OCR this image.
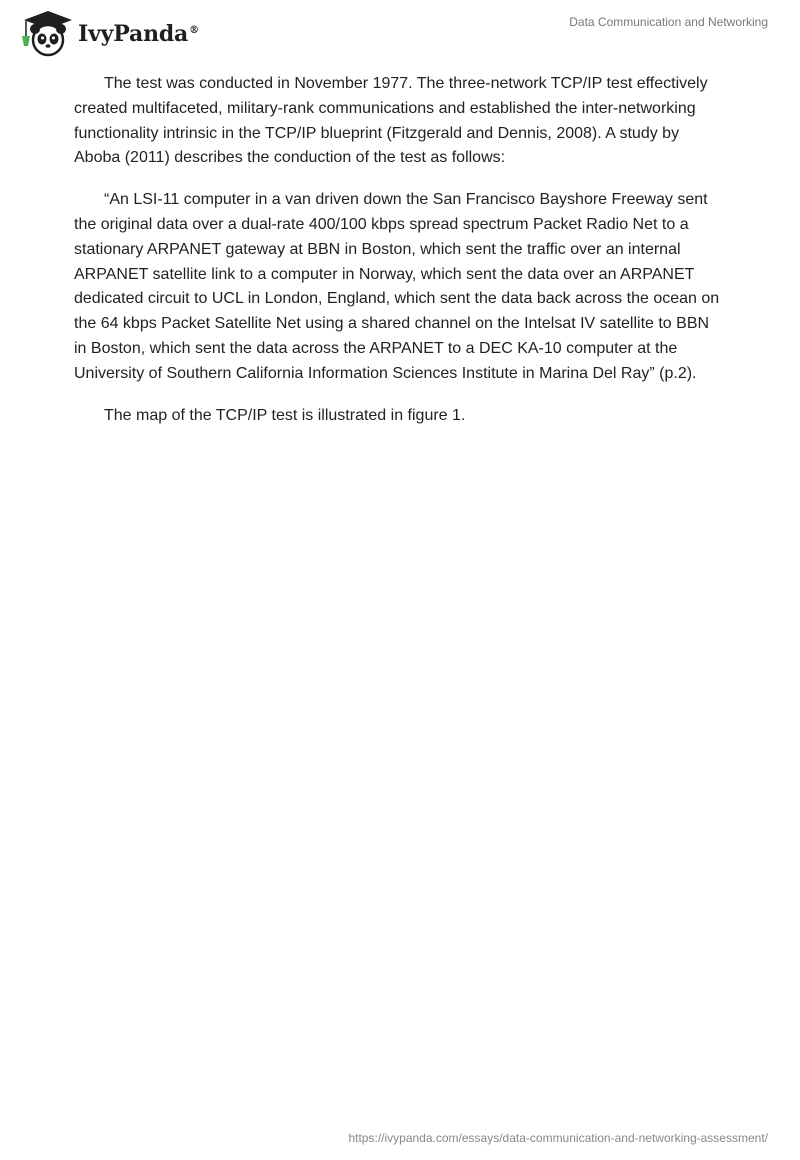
IvyPanda®
Data Communication and Networking

The test was conducted in November 1977. The three-network TCP/IP test effectively created multifaceted, military-rank communications and established the inter-networking functionality intrinsic in the TCP/IP blueprint (Fitzgerald and Dennis, 2008). A study by Aboba (2011) describes the conduction of the test as follows:

“An LSI-11 computer in a van driven down the San Francisco Bayshore Freeway sent the original data over a dual-rate 400/100 kbps spread spectrum Packet Radio Net to a stationary ARPANET gateway at BBN in Boston, which sent the traffic over an internal ARPANET satellite link to a computer in Norway, which sent the data over an ARPANET dedicated circuit to UCL in London, England, which sent the data back across the ocean on the 64 kbps Packet Satellite Net using a shared channel on the Intelsat IV satellite to BBN in Boston, which sent the data across the ARPANET to a DEC KA-10 computer at the University of Southern California Information Sciences Institute in Marina Del Ray” (p.2).

The map of the TCP/IP test is illustrated in figure 1.

https://ivypanda.com/essays/data-communication-and-networking-assessment/
